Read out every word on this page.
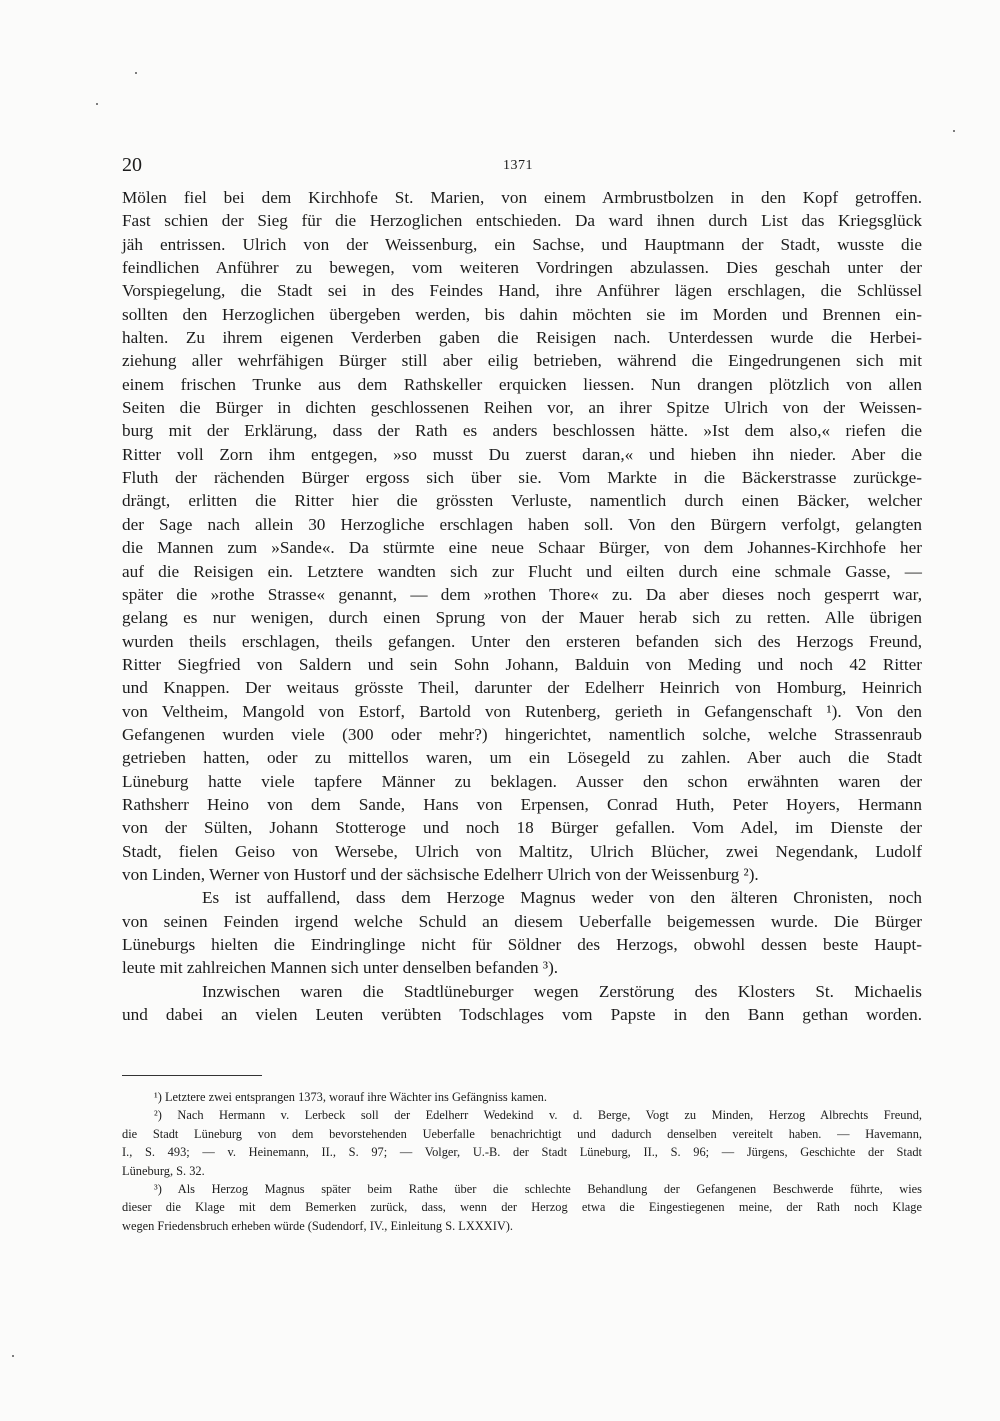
20	1371
Mölen fiel bei dem Kirchhofe St. Marien, von einem Armbrustbolzen in den Kopf getroffen.
Fast schien der Sieg für die Herzoglichen entschieden. Da ward ihnen durch List das Kriegsglück
jäh entrissen. Ulrich von der Weissenburg, ein Sachse, und Hauptmann der Stadt, wusste die
feindlichen Anführer zu bewegen, vom weiteren Vordringen abzulassen. Dies geschah unter der
Vorspiegelung, die Stadt sei in des Feindes Hand, ihre Anführer lägen erschlagen, die Schlüssel
sollten den Herzoglichen übergeben werden, bis dahin möchten sie im Morden und Brennen ein-
halten. Zu ihrem eigenen Verderben gaben die Reisigen nach. Unterdessen wurde die Herbei-
ziehung aller wehrfähigen Bürger still aber eilig betrieben, während die Eingedrungenen sich mit
einem frischen Trunke aus dem Rathskeller erquicken liessen. Nun drangen plötzlich von allen
Seiten die Bürger in dichten geschlossenen Reihen vor, an ihrer Spitze Ulrich von der Weissen-
burg mit der Erklärung, dass der Rath es anders beschlossen hätte. »Ist dem also,« riefen die
Ritter voll Zorn ihm entgegen, »so musst Du zuerst daran,« und hieben ihn nieder. Aber die
Fluth der rächenden Bürger ergoss sich über sie. Vom Markte in die Bäckerstrasse zurückge-
drängt, erlitten die Ritter hier die grössten Verluste, namentlich durch einen Bäcker, welcher
der Sage nach allein 30 Herzogliche erschlagen haben soll. Von den Bürgern verfolgt, gelangten
die Mannen zum »Sande«. Da stürmte eine neue Schaar Bürger, von dem Johannes-Kirchhofe her
auf die Reisigen ein. Letztere wandten sich zur Flucht und eilten durch eine schmale Gasse, —
später die »rothe Strasse« genannt, — dem »rothen Thore« zu. Da aber dieses noch gesperrt war,
gelang es nur wenigen, durch einen Sprung von der Mauer herab sich zu retten. Alle übrigen
wurden theils erschlagen, theils gefangen. Unter den ersteren befanden sich des Herzogs Freund,
Ritter Siegfried von Saldern und sein Sohn Johann, Balduin von Meding und noch 42 Ritter
und Knappen. Der weitaus grösste Theil, darunter der Edelherr Heinrich von Homburg, Heinrich
von Veltheim, Mangold von Estorf, Bartold von Rutenberg, gerieth in Gefangenschaft ¹). Von den
Gefangenen wurden viele (300 oder mehr?) hingerichtet, namentlich solche, welche Strassenraub
getrieben hatten, oder zu mittellos waren, um ein Lösegeld zu zahlen. Aber auch die Stadt
Lüneburg hatte viele tapfere Männer zu beklagen. Ausser den schon erwähnten waren der
Rathsherr Heino von dem Sande, Hans von Erpensen, Conrad Huth, Peter Hoyers, Hermann
von der Sülten, Johann Stotteroge und noch 18 Bürger gefallen. Vom Adel, im Dienste der
Stadt, fielen Geiso von Wersebe, Ulrich von Maltitz, Ulrich Blücher, zwei Negendank, Ludolf
von Linden, Werner von Hustorf und der sächsische Edelherr Ulrich von der Weissenburg ²).
Es ist auffallend, dass dem Herzoge Magnus weder von den älteren Chronisten, noch
von seinen Feinden irgend welche Schuld an diesem Ueberfalle beigemessen wurde. Die Bürger
Lüneburgs hielten die Eindringlinge nicht für Söldner des Herzogs, obwohl dessen beste Haupt-
leute mit zahlreichen Mannen sich unter denselben befanden ³).
Inzwischen waren die Stadtlüneburger wegen Zerstörung des Klosters St. Michaelis
und dabei an vielen Leuten verübten Todschlages vom Papste in den Bann gethan worden.
¹) Letztere zwei entsprangen 1373, worauf ihre Wächter ins Gefängniss kamen.
²) Nach Hermann v. Lerbeck soll der Edelherr Wedekind v. d. Berge, Vogt zu Minden, Herzog Albrechts Freund,
die Stadt Lüneburg von dem bevorstehenden Ueberfalle benachrichtigt und dadurch denselben vereitelt haben. — Havemann,
I., S. 493; — v. Heinemann, II., S. 97; — Volger, U.-B. der Stadt Lüneburg, II., S. 96; — Jürgens, Geschichte der Stadt
Lüneburg, S. 32.
³) Als Herzog Magnus später beim Rathe über die schlechte Behandlung der Gefangenen Beschwerde führte, wies
dieser die Klage mit dem Bemerken zurück, dass, wenn der Herzog etwa die Eingestiegenen meine, der Rath noch Klage
wegen Friedensbruch erheben würde (Sudendorf, IV., Einleitung S. LXXXIV).
